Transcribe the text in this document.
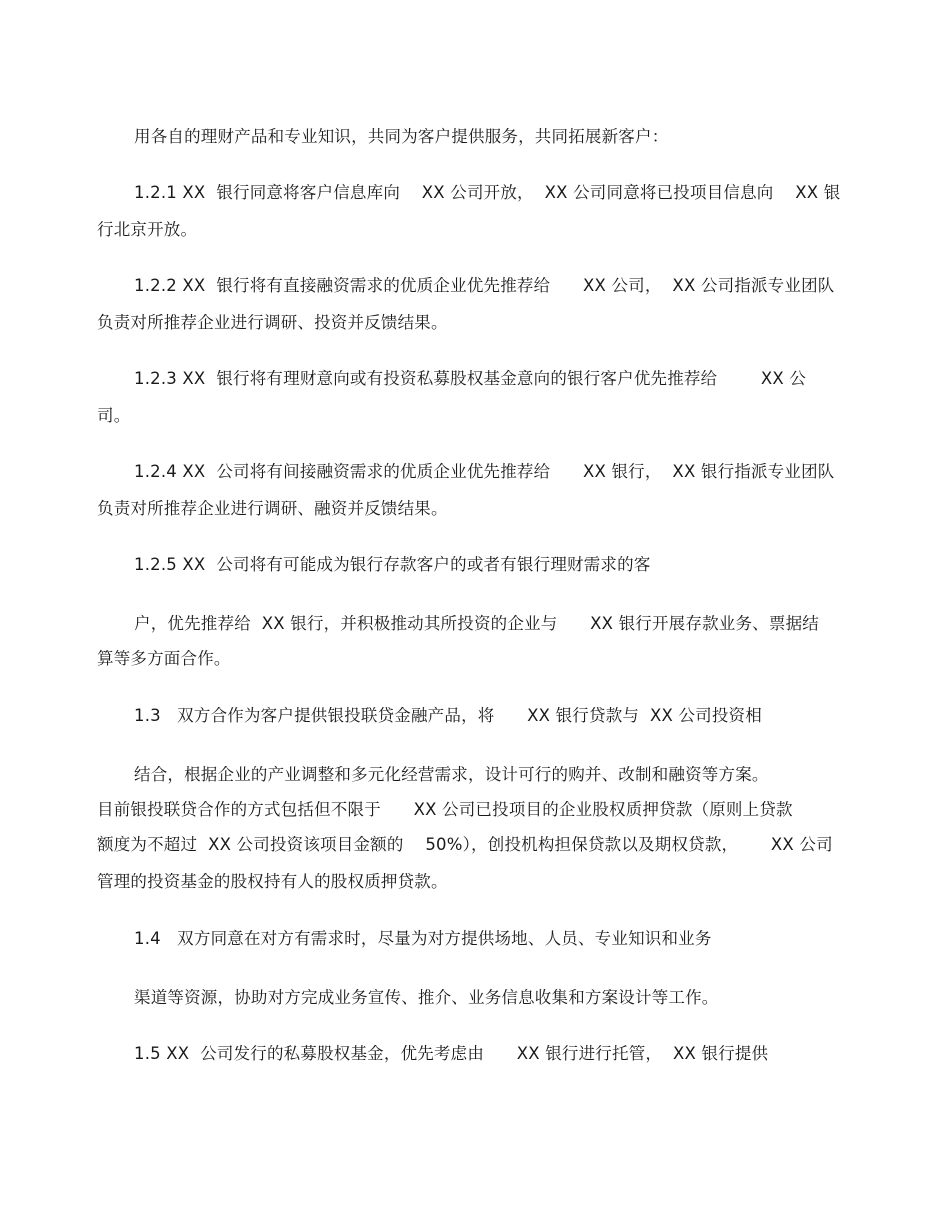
用各自的理财产品和专业知识，共同为客户提供服务，共同拓展新客户：
1.2.1 XX  银行同意将客户信息库向    XX 公司开放，  XX 公司同意将已投项目信息向    XX 银
行北京开放。
1.2.2 XX  银行将有直接融资需求的优质企业优先推荐给      XX 公司，  XX 公司指派专业团队
负责对所推荐企业进行调研、投资并反馈结果。
1.2.3 XX  银行将有理财意向或有投资私募股权基金意向的银行客户优先推荐给        XX 公
司。
1.2.4 XX  公司将有间接融资需求的优质企业优先推荐给      XX 银行，  XX 银行指派专业团队
负责对所推荐企业进行调研、融资并反馈结果。
1.2.5 XX  公司将有可能成为银行存款客户的或者有银行理财需求的客
户，优先推荐给  XX 银行，并积极推动其所投资的企业与      XX 银行开展存款业务、票据结
算等多方面合作。
1.3   双方合作为客户提供银投联贷金融产品，将      XX 银行贷款与  XX 公司投资相
结合，根据企业的产业调整和多元化经营需求，设计可行的购并、改制和融资等方案。
目前银投联贷合作的方式包括但不限于      XX 公司已投项目的企业股权质押贷款（原则上贷款
额度为不超过  XX 公司投资该项目金额的    50%），创投机构担保贷款以及期权贷款，      XX 公司
管理的投资基金的股权持有人的股权质押贷款。
1.4   双方同意在对方有需求时，尽量为对方提供场地、人员、专业知识和业务
渠道等资源，协助对方完成业务宣传、推介、业务信息收集和方案设计等工作。
1.5 XX  公司发行的私募股权基金，优先考虑由      XX 银行进行托管，  XX 银行提供
